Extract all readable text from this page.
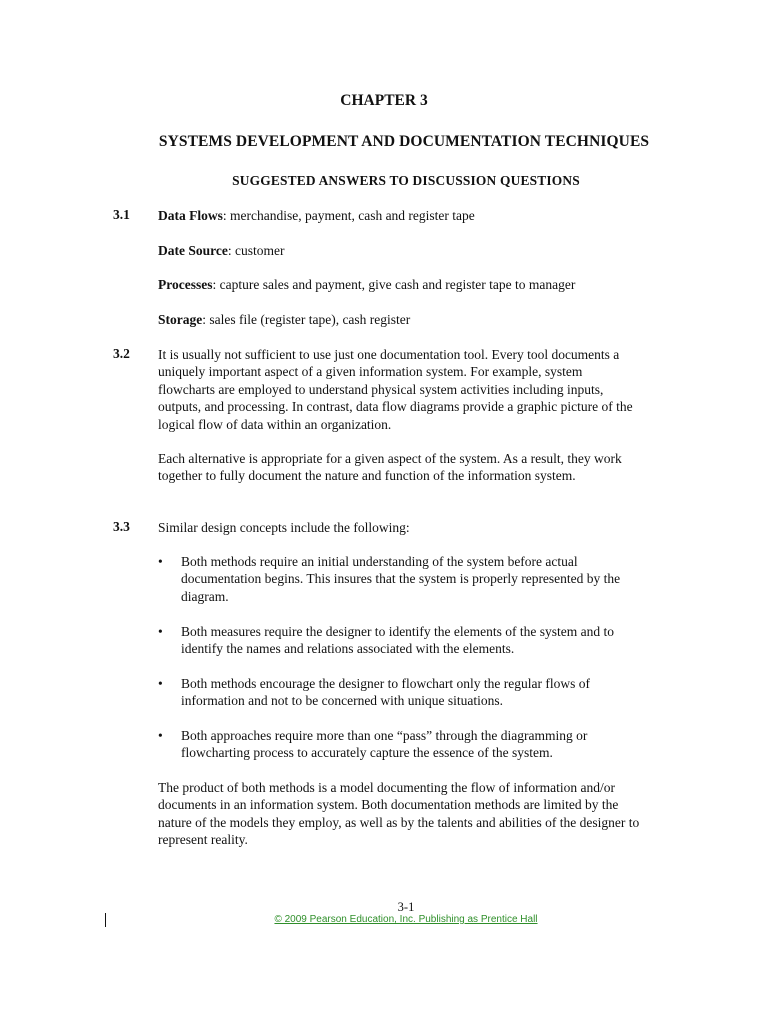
CHAPTER 3
SYSTEMS DEVELOPMENT AND DOCUMENTATION TECHNIQUES
SUGGESTED ANSWERS TO DISCUSSION QUESTIONS
3.1 Data Flows: merchandise, payment, cash and register tape
Date Source: customer
Processes: capture sales and payment, give cash and register tape to manager
Storage: sales file (register tape), cash register
3.2 It is usually not sufficient to use just one documentation tool. Every tool documents a

uniquely important aspect of a given information system. For example, system

flowcharts are employed to understand physical system activities including inputs,

outputs, and processing. In contrast, data flow diagrams provide a graphic picture of the

logical flow of data within an organization.

Each alternative is appropriate for a given aspect of the system. As a result, they work

together to fully document the nature and function of the information system.

3.3 Similar design concepts include the following:
•	Both methods require an initial understanding of the system before actual

documentation begins. This insures that the system is properly represented by the

diagram.

•	Both measures require the designer to identify the elements of the system and to

identify the names and relations associated with the elements.

•	Both methods encourage the designer to flowchart only the regular flows of

information and not to be concerned with unique situations.

•	Both approaches require more than one “pass” through the diagramming or

flowcharting process to accurately capture the essence of the system.

The product of both methods is a model documenting the flow of information and/or

documents in an information system. Both documentation methods are limited by the

nature of the models they employ, as well as by the talents and abilities of the designer to

represent reality.

3-1
© 2009 Pearson Education, Inc. Publishing as Prentice Hall
